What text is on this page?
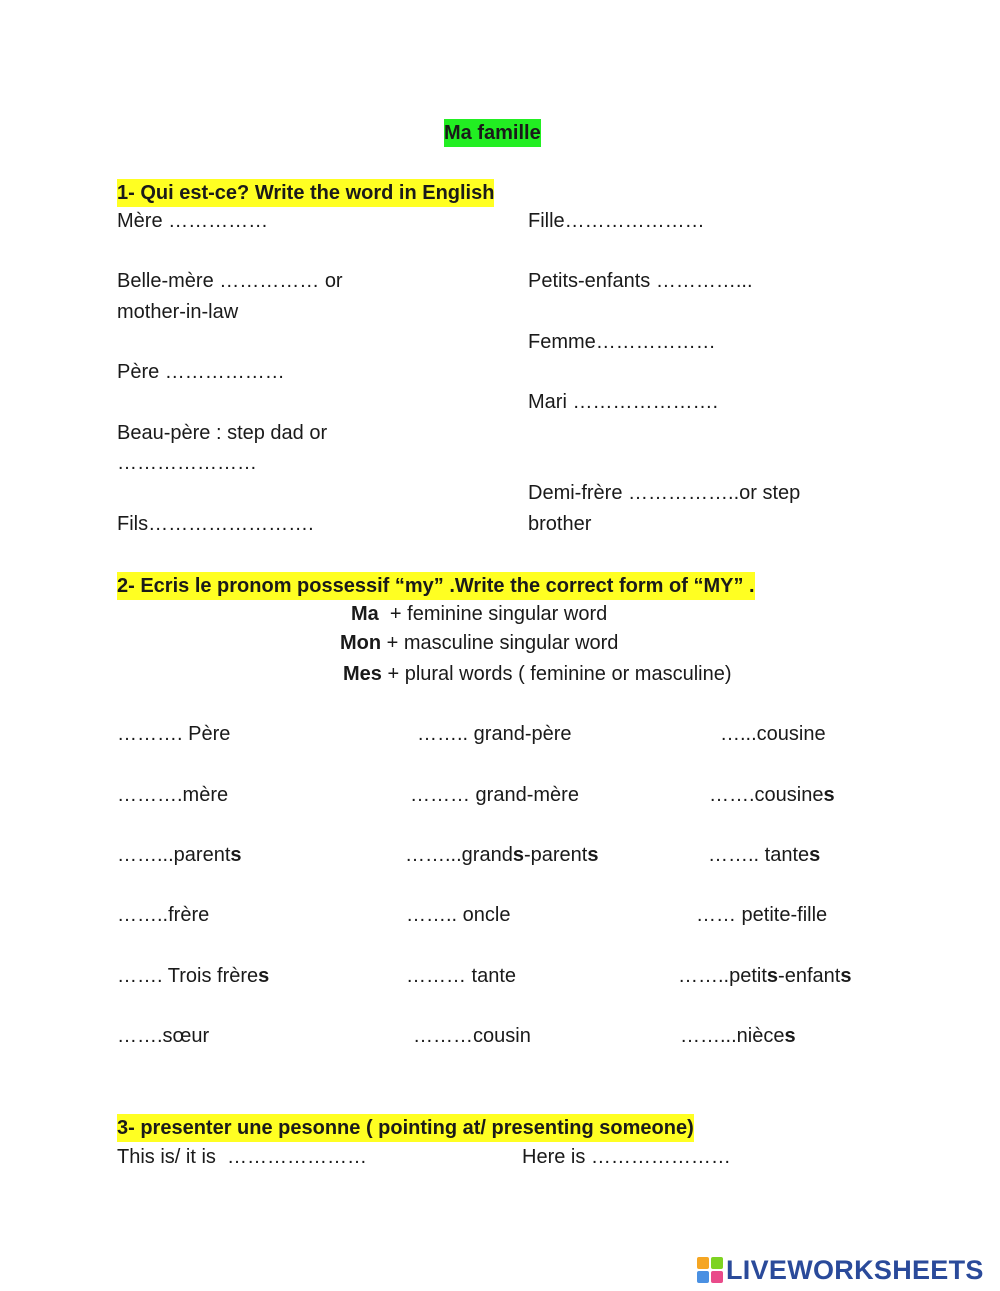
Ma famille
1- Qui est-ce? Write the word in English
Mère ……………
Belle-mère …………… or
mother-in-law
Père ………………
Beau-père : step dad or
…………………
Fils…………………….
Fille…………………
Petits-enfants …………...
Femme………………
Mari ………………….
Demi-frère ……………..or step
brother
2- Ecris le pronom possessif “my” .Write the correct form of “MY” .
Ma  + feminine singular word
Mon + masculine singular word
Mes + plural words ( feminine or masculine)
………. Père	…….. grand-père	…...cousine
……….mère	……… grand-mère	…….cousines
……...parents	……...grands-parents	…….. tantes
……..frère	…….. oncle	…… petite-fille
……. Trois frères	……… tante	……..petits-enfants
…….sœur	………cousin	……...nièces
3- presenter une pesonne ( pointing at/ presenting someone)
This is/ it is  …………………	Here is …………………
LIVEWORKSHEETS
